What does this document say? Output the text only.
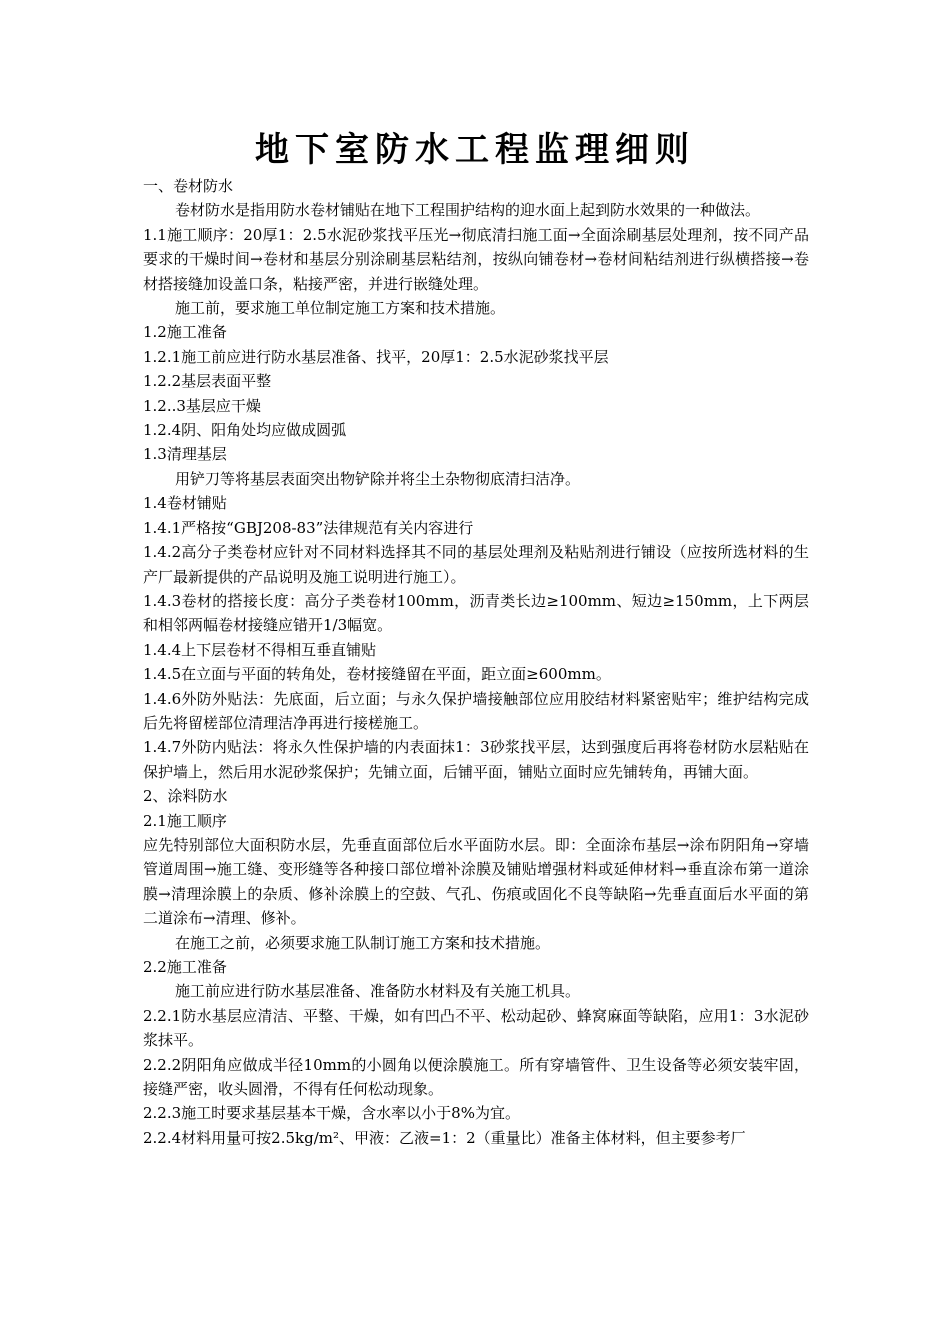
地下室防水工程监理细则

一、卷材防水

卷材防水是指用防水卷材铺贴在地下工程围护结构的迎水面上起到防水效果的一种做法。

1.1施工顺序：20厚1：2.5水泥砂浆找平压光→彻底清扫施工面→全面涂刷基层处理剂，按不同产品要求的干燥时间→卷材和基层分别涂刷基层粘结剂，按纵向铺卷材→卷材间粘结剂进行纵横搭接→卷材搭接缝加设盖口条，粘接严密，并进行嵌缝处理。

施工前，要求施工单位制定施工方案和技术措施。

1.2施工准备

1.2.1施工前应进行防水基层准备、找平，20厚1：2.5水泥砂浆找平层

1.2.2基层表面平整

1.2..3基层应干燥

1.2.4阴、阳角处均应做成圆弧

1.3清理基层

用铲刀等将基层表面突出物铲除并将尘土杂物彻底清扫洁净。

1.4卷材铺贴

1.4.1严格按“GBJ208-83”法律规范有关内容进行

1.4.2高分子类卷材应针对不同材料选择其不同的基层处理剂及粘贴剂进行铺设（应按所选材料的生产厂最新提供的产品说明及施工说明进行施工）。

1.4.3卷材的搭接长度：高分子类卷材100mm，沥青类长边≥100mm、短边≥150mm，上下两层和相邻两幅卷材接缝应错开1/3幅宽。

1.4.4上下层卷材不得相互垂直铺贴

1.4.5在立面与平面的转角处，卷材接缝留在平面，距立面≥600mm。

1.4.6外防外贴法：先底面，后立面；与永久保护墙接触部位应用胶结材料紧密贴牢；维护结构完成后先将留槎部位清理洁净再进行接槎施工。

1.4.7外防内贴法：将永久性保护墙的内表面抹1：3砂浆找平层，达到强度后再将卷材防水层粘贴在保护墙上，然后用水泥砂浆保护；先铺立面，后铺平面，铺贴立面时应先铺转角，再铺大面。

2、涂料防水

2.1施工顺序

应先特别部位大面积防水层，先垂直面部位后水平面防水层。即：全面涂布基层→涂布阴阳角→穿墙管道周围→施工缝、变形缝等各种接口部位增补涂膜及铺贴增强材料或延伸材料→垂直涂布第一道涂膜→清理涂膜上的杂质、修补涂膜上的空鼓、气孔、伤痕或固化不良等缺陷→先垂直面后水平面的第二道涂布→清理、修补。

在施工之前，必须要求施工队制订施工方案和技术措施。

2.2施工准备

施工前应进行防水基层准备、准备防水材料及有关施工机具。

2.2.1防水基层应清洁、平整、干燥，如有凹凸不平、松动起砂、蜂窝麻面等缺陷，应用1：3水泥砂浆抹平。

2.2.2阴阳角应做成半径10mm的小圆角以便涂膜施工。所有穿墙管件、卫生设备等必须安装牢固，接缝严密，收头圆滑，不得有任何松动现象。

2.2.3施工时要求基层基本干燥，含水率以小于8%为宜。

2.2.4材料用量可按2.5kg/m²、甲液：乙液=1：2（重量比）准备主体材料，但主要参考厂
